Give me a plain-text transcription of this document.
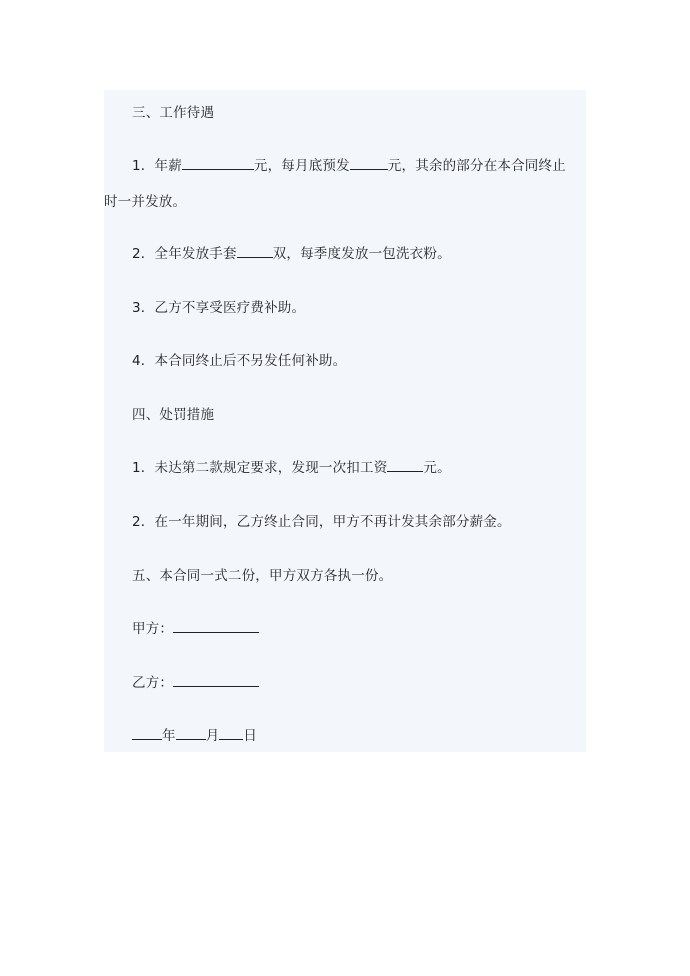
三、工作待遇
1．年薪	元，每月底预发	元，其余的部分在本合同终止
时一并发放。
2．全年发放手套	双，每季度发放一包洗衣粉。
3．乙方不享受医疗费补助。
4．本合同终止后不另发任何补助。
四、处罚措施
1．未达第二款规定要求，发现一次扣工资	元。
2．在一年期间，乙方终止合同，甲方不再计发其余部分薪金。
五、本合同一式二份，甲方双方各执一份。
甲方：
乙方：
年 月 日
